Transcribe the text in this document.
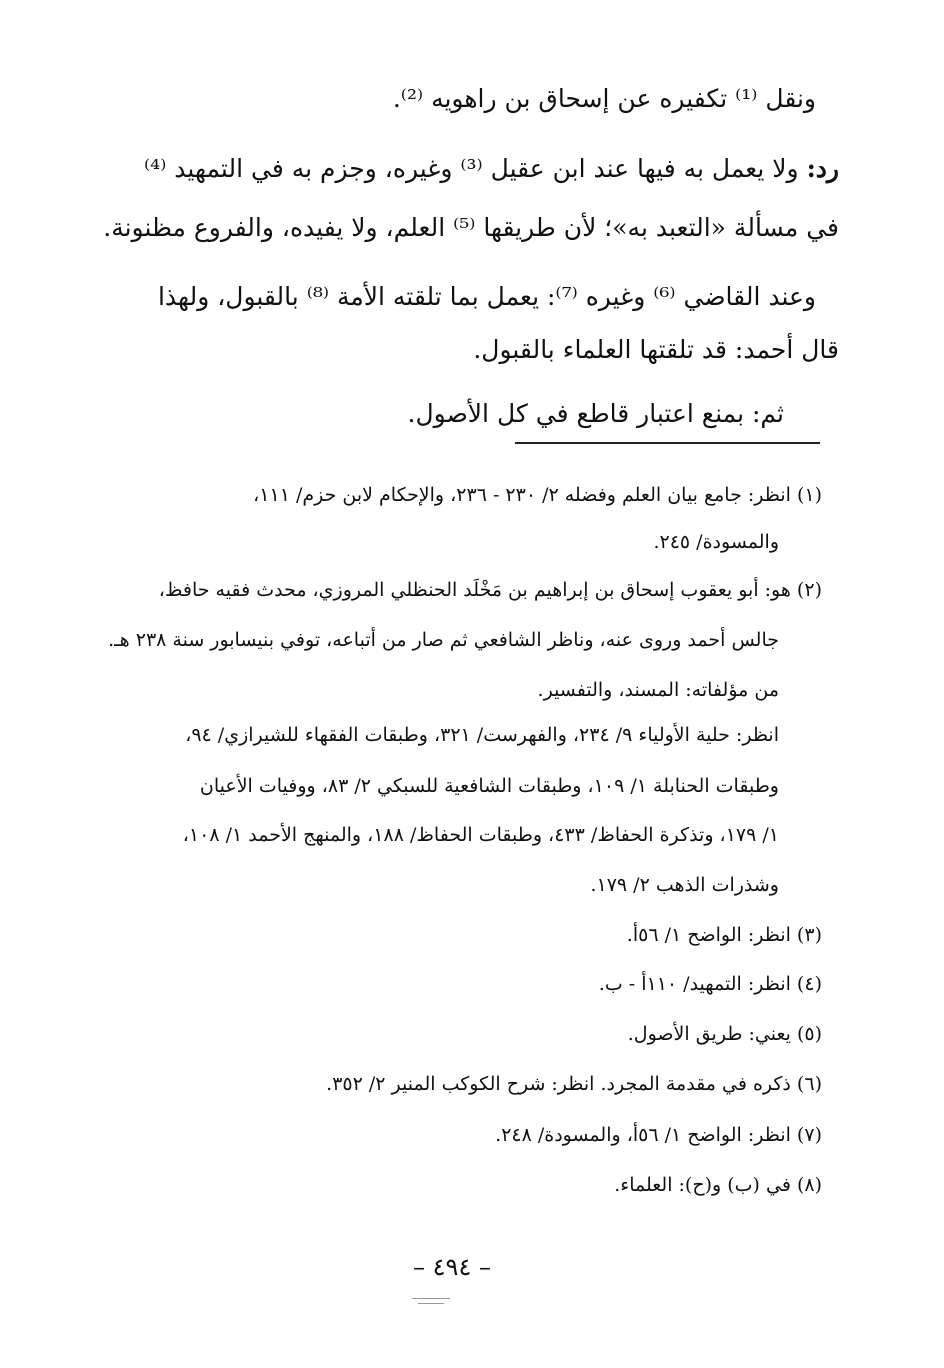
ونقل ⁽¹⁾ تكفيره عن إسحاق بن راهويه ⁽²⁾.
رد: ولا يعمل به فيها عند ابن عقيل ⁽³⁾ وغيره، وجزم به في التمهيد ⁽⁴⁾
في مسألة «التعبد به»؛ لأن طريقها ⁽⁵⁾ العلم، ولا يفيده، والفروع مظنونة.
وعند القاضي ⁽⁶⁾ وغيره ⁽⁷⁾: يعمل بما تلقته الأمة ⁽⁸⁾ بالقبول، ولهذا
قال أحمد: قد تلقتها العلماء بالقبول.
ثم: بمنع اعتبار قاطع في كل الأصول.
(١) انظر: جامع بيان العلم وفضله ٢/ ٢٣٠ - ٢٣٦، والإحكام لابن حزم/ ١١١،
والمسودة/ ٢٤٥.
(٢) هو: أبو يعقوب إسحاق بن إبراهيم بن مَخْلَد الحنظلي المروزي، محدث فقيه حافظ،
جالس أحمد وروى عنه، وناظر الشافعي ثم صار من أتباعه، توفي بنيسابور سنة ٢٣٨ هـ.
من مؤلفاته: المسند، والتفسير.
انظر: حلية الأولياء ٩/ ٢٣٤، والفهرست/ ٣٢١، وطبقات الفقهاء للشيرازي/ ٩٤،
وطبقات الحنابلة ١/ ١٠٩، وطبقات الشافعية للسبكي ٢/ ٨٣، ووفيات الأعيان
١/ ١٧٩، وتذكرة الحفاظ/ ٤٣٣، وطبقات الحفاظ/ ١٨٨، والمنهج الأحمد ١/ ١٠٨،
وشذرات الذهب ٢/ ١٧٩.
(٣) انظر: الواضح ١/ ٥٦أ.
(٤) انظر: التمهيد/ ١١٠أ - ب.
(٥) يعني: طريق الأصول.
(٦) ذكره في مقدمة المجرد. انظر: شرح الكوكب المنير ٢/ ٣٥٢.
(٧) انظر: الواضح ١/ ٥٦أ، والمسودة/ ٢٤٨.
(٨) في (ب) و(ح): العلماء.
– ٤٩٤ –
